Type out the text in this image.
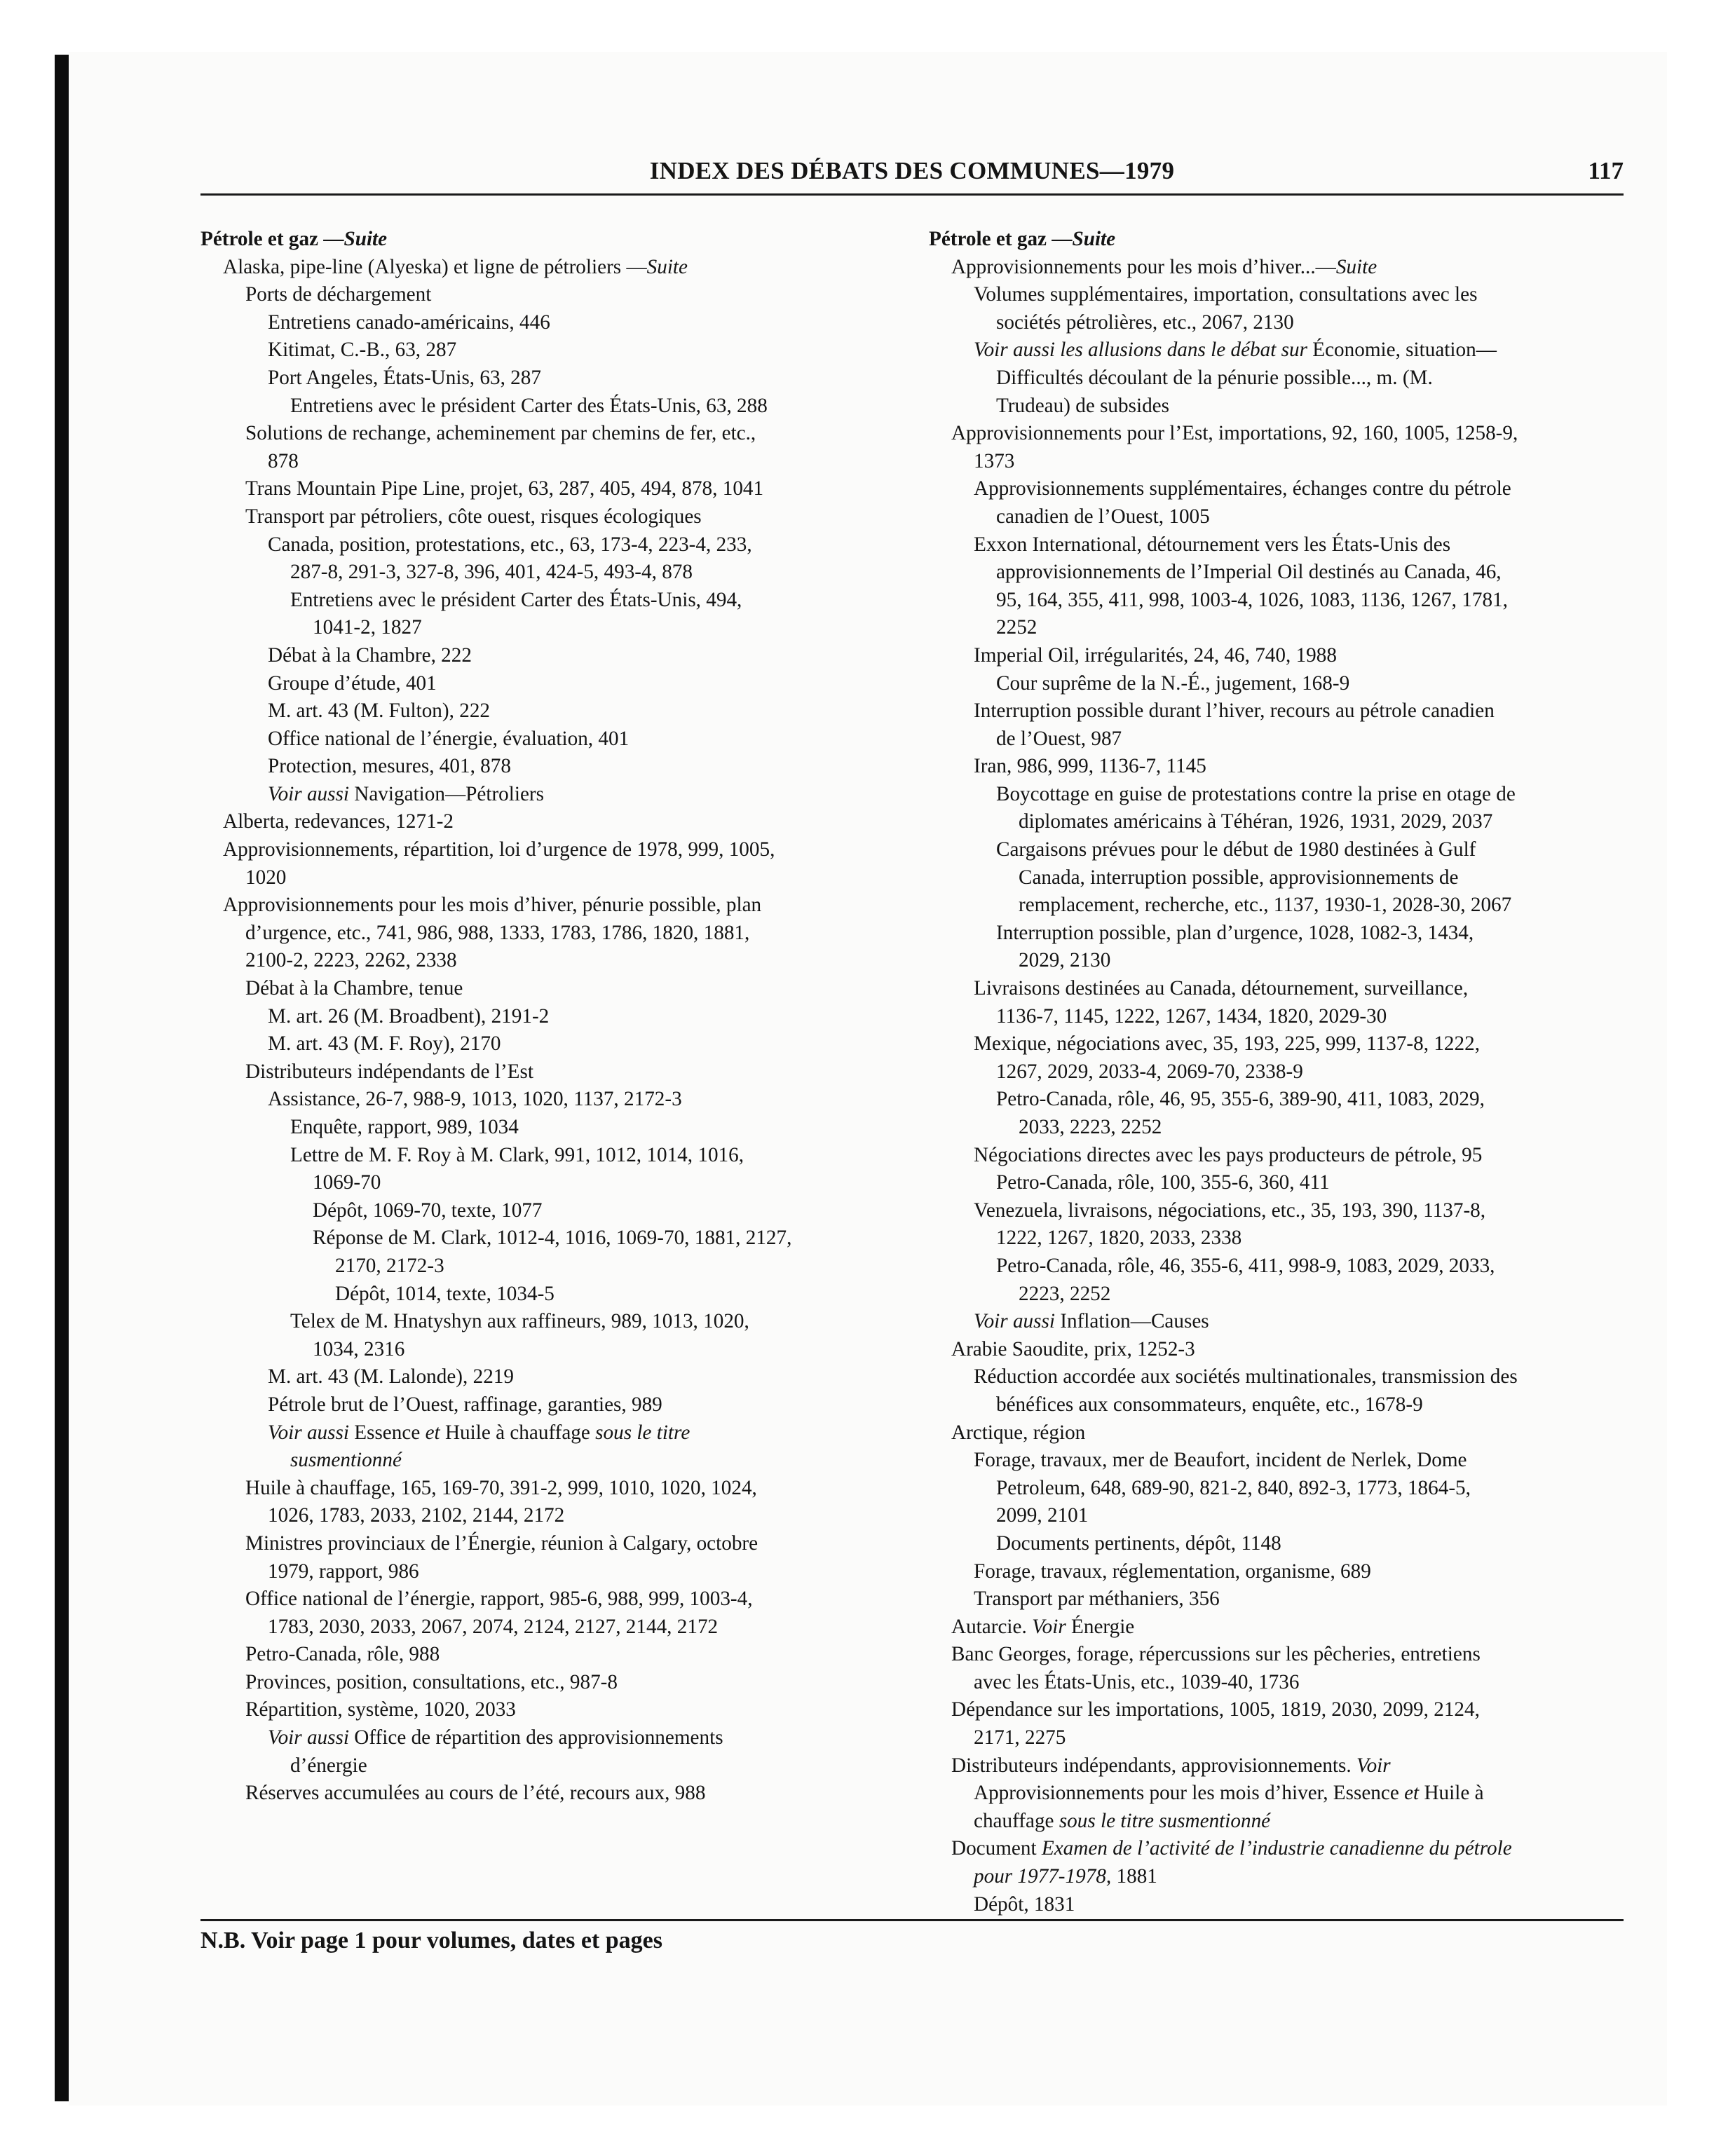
INDEX DES DÉBATS DES COMMUNES—1979	117
Pétrole et gaz —Suite
Alaska, pipe-line (Alyeska) et ligne de pétroliers —Suite
Ports de déchargement
Entretiens canado-américains, 446
Kitimat, C.-B., 63, 287
Port Angeles, États-Unis, 63, 287
Entretiens avec le président Carter des États-Unis, 63, 288
Solutions de rechange, acheminement par chemins de fer, etc.,
878
Trans Mountain Pipe Line, projet, 63, 287, 405, 494, 878, 1041
Transport par pétroliers, côte ouest, risques écologiques
Canada, position, protestations, etc., 63, 173-4, 223-4, 233,
287-8, 291-3, 327-8, 396, 401, 424-5, 493-4, 878
Entretiens avec le président Carter des États-Unis, 494,
1041-2, 1827
Débat à la Chambre, 222
Groupe d’étude, 401
M. art. 43 (M. Fulton), 222
Office national de l’énergie, évaluation, 401
Protection, mesures, 401, 878
Voir aussi Navigation—Pétroliers
Alberta, redevances, 1271-2
Approvisionnements, répartition, loi d’urgence de 1978, 999, 1005,
1020
Approvisionnements pour les mois d’hiver, pénurie possible, plan
d’urgence, etc., 741, 986, 988, 1333, 1783, 1786, 1820, 1881,
2100-2, 2223, 2262, 2338
Débat à la Chambre, tenue
M. art. 26 (M. Broadbent), 2191-2
M. art. 43 (M. F. Roy), 2170
Distributeurs indépendants de l’Est
Assistance, 26-7, 988-9, 1013, 1020, 1137, 2172-3
Enquête, rapport, 989, 1034
Lettre de M. F. Roy à M. Clark, 991, 1012, 1014, 1016,
1069-70
Dépôt, 1069-70, texte, 1077
Réponse de M. Clark, 1012-4, 1016, 1069-70, 1881, 2127,
2170, 2172-3
Dépôt, 1014, texte, 1034-5
Telex de M. Hnatyshyn aux raffineurs, 989, 1013, 1020,
1034, 2316
M. art. 43 (M. Lalonde), 2219
Pétrole brut de l’Ouest, raffinage, garanties, 989
Voir aussi Essence et Huile à chauffage sous le titre
susmentionné
Huile à chauffage, 165, 169-70, 391-2, 999, 1010, 1020, 1024,
1026, 1783, 2033, 2102, 2144, 2172
Ministres provinciaux de l’Énergie, réunion à Calgary, octobre
1979, rapport, 986
Office national de l’énergie, rapport, 985-6, 988, 999, 1003-4,
1783, 2030, 2033, 2067, 2074, 2124, 2127, 2144, 2172
Petro-Canada, rôle, 988
Provinces, position, consultations, etc., 987-8
Répartition, système, 1020, 2033
Voir aussi Office de répartition des approvisionnements
d’énergie
Réserves accumulées au cours de l’été, recours aux, 988
Pétrole et gaz —Suite
Approvisionnements pour les mois d’hiver...—Suite
Volumes supplémentaires, importation, consultations avec les
sociétés pétrolières, etc., 2067, 2130
Voir aussi les allusions dans le débat sur Économie, situation—
Difficultés découlant de la pénurie possible..., m. (M.
Trudeau) de subsides
Approvisionnements pour l’Est, importations, 92, 160, 1005, 1258-9,
1373
Approvisionnements supplémentaires, échanges contre du pétrole
canadien de l’Ouest, 1005
Exxon International, détournement vers les États-Unis des
approvisionnements de l’Imperial Oil destinés au Canada, 46,
95, 164, 355, 411, 998, 1003-4, 1026, 1083, 1136, 1267, 1781,
2252
Imperial Oil, irrégularités, 24, 46, 740, 1988
Cour suprême de la N.-É., jugement, 168-9
Interruption possible durant l’hiver, recours au pétrole canadien
de l’Ouest, 987
Iran, 986, 999, 1136-7, 1145
Boycottage en guise de protestations contre la prise en otage de
diplomates américains à Téhéran, 1926, 1931, 2029, 2037
Cargaisons prévues pour le début de 1980 destinées à Gulf
Canada, interruption possible, approvisionnements de
remplacement, recherche, etc., 1137, 1930-1, 2028-30, 2067
Interruption possible, plan d’urgence, 1028, 1082-3, 1434,
2029, 2130
Livraisons destinées au Canada, détournement, surveillance,
1136-7, 1145, 1222, 1267, 1434, 1820, 2029-30
Mexique, négociations avec, 35, 193, 225, 999, 1137-8, 1222,
1267, 2029, 2033-4, 2069-70, 2338-9
Petro-Canada, rôle, 46, 95, 355-6, 389-90, 411, 1083, 2029,
2033, 2223, 2252
Négociations directes avec les pays producteurs de pétrole, 95
Petro-Canada, rôle, 100, 355-6, 360, 411
Venezuela, livraisons, négociations, etc., 35, 193, 390, 1137-8,
1222, 1267, 1820, 2033, 2338
Petro-Canada, rôle, 46, 355-6, 411, 998-9, 1083, 2029, 2033,
2223, 2252
Voir aussi Inflation—Causes
Arabie Saoudite, prix, 1252-3
Réduction accordée aux sociétés multinationales, transmission des
bénéfices aux consommateurs, enquête, etc., 1678-9
Arctique, région
Forage, travaux, mer de Beaufort, incident de Nerlek, Dome
Petroleum, 648, 689-90, 821-2, 840, 892-3, 1773, 1864-5,
2099, 2101
Documents pertinents, dépôt, 1148
Forage, travaux, réglementation, organisme, 689
Transport par méthaniers, 356
Autarcie. Voir Énergie
Banc Georges, forage, répercussions sur les pêcheries, entretiens
avec les États-Unis, etc., 1039-40, 1736
Dépendance sur les importations, 1005, 1819, 2030, 2099, 2124,
2171, 2275
Distributeurs indépendants, approvisionnements. Voir
Approvisionnements pour les mois d’hiver, Essence et Huile à
chauffage sous le titre susmentionné
Document Examen de l’activité de l’industrie canadienne du pétrole
pour 1977-1978, 1881
Dépôt, 1831
N.B. Voir page 1 pour volumes, dates et pages
